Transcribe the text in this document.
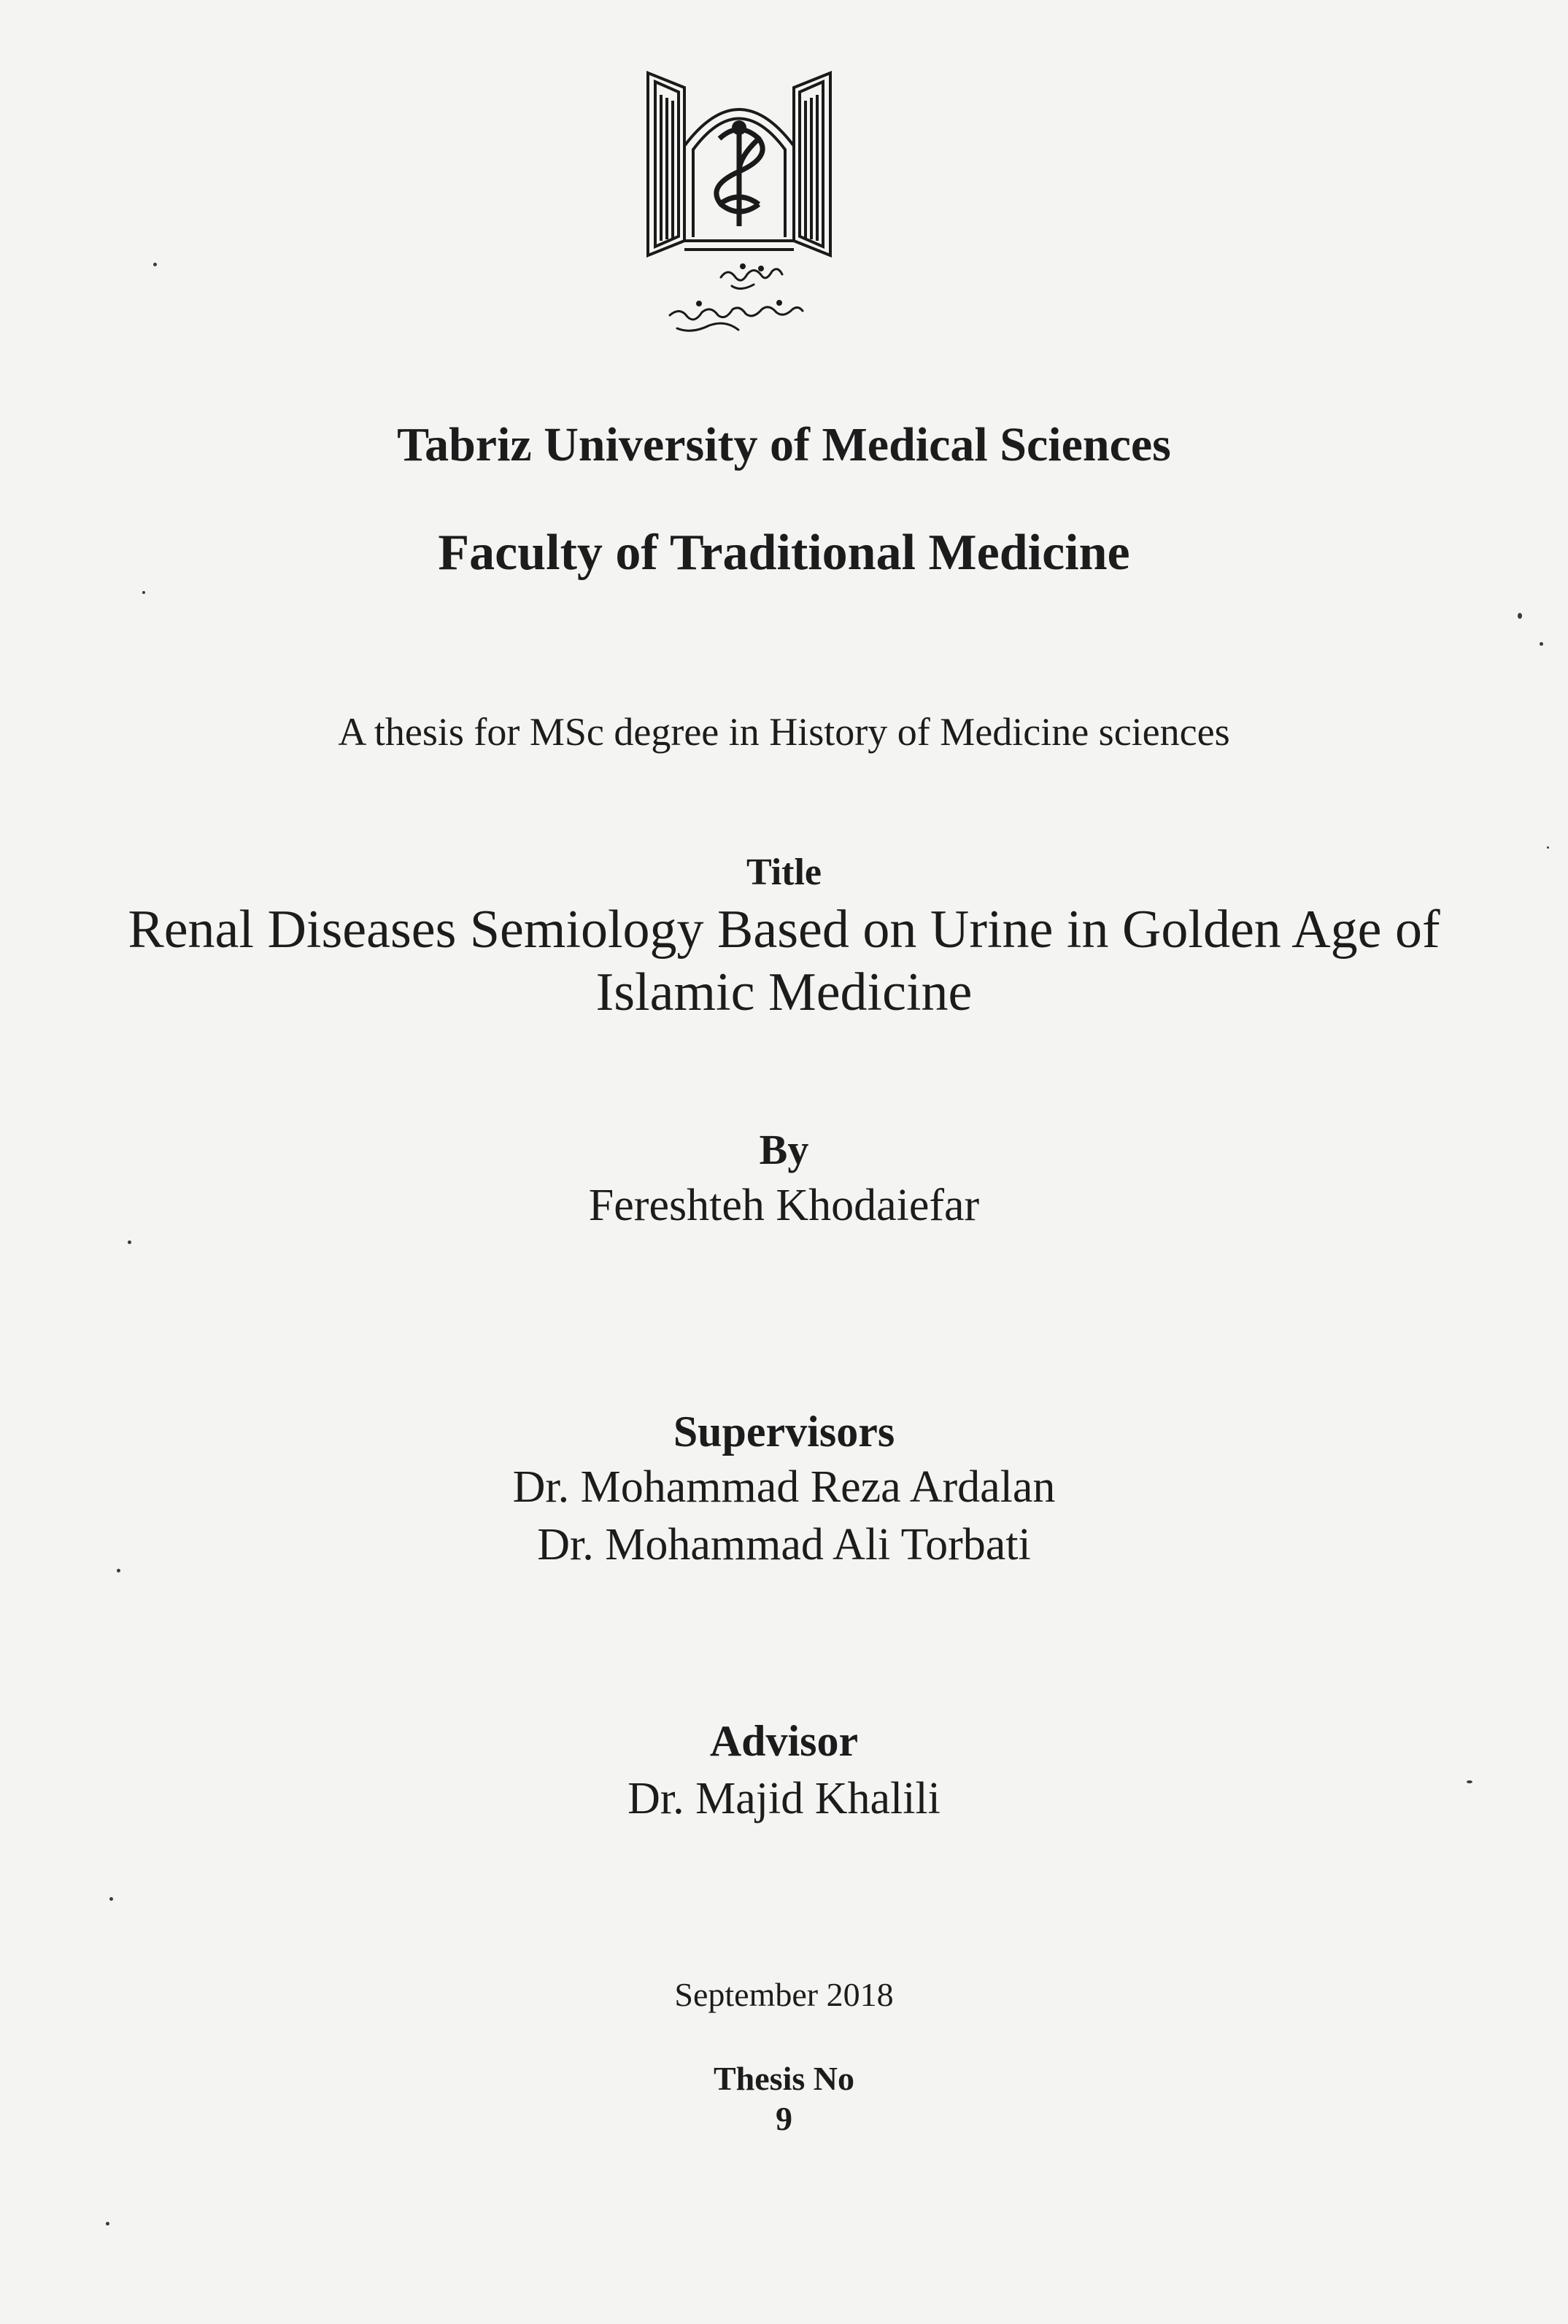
Tabriz University of Medical Sciences
Faculty of Traditional Medicine
A thesis for MSc degree in History of Medicine sciences
Title
Renal Diseases Semiology Based on Urine in Golden Age of
Islamic Medicine
By
Fereshteh Khodaiefar
Supervisors
Dr. Mohammad Reza Ardalan
Dr. Mohammad Ali Torbati
Advisor
Dr. Majid Khalili
September 2018
Thesis No
9
